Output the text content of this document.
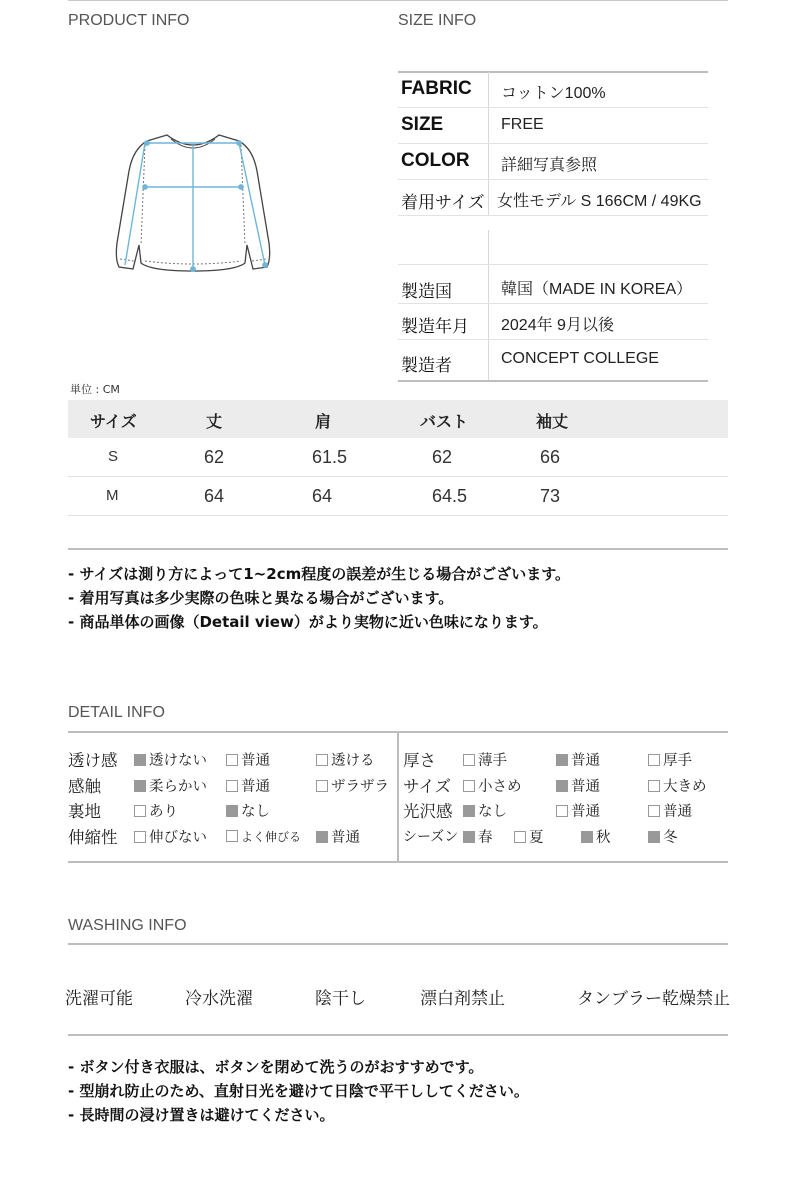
PRODUCT INFO	SIZE INFO
FABRIC コットン100%
SIZE	FREE
COLOR 詳細写真参照
着用サイズ 女性モデル S 166CM / 49KG
製造国	韓国（MADE IN KOREA）
製造年月 2024年 9月以後
製造者	CONCEPT COLLEGE
単位 : CM
サイズ	丈	肩	バスト	袖丈
S	62	61.5	62	66
M	64	64	64.5	73
- サイズは測り方によって1~2cm程度の誤差が生じる場合がございます。
- 着用写真は多少実際の色味と異なる場合がございます。
- 商品単体の画像（Detail view）がより実物に近い色味になります。
DETAIL INFO
透け感	透けない	普通	透ける
感触	柔らかい	普通	ザラザラ
裏地	あり	なし
伸縮性	伸びない	よく伸びる	普通
厚さ	薄手	普通	厚手
サイズ	小さめ	普通	大きめ
光沢感	なし	普通	普通
シーズン	春	夏	秋	冬
WASHING INFO
洗濯可能	冷水洗濯	陰干し	漂白剤禁止	タンブラー乾燥禁止
- ボタン付き衣服は、ボタンを閉めて洗うのがおすすめです。
- 型崩れ防止のため、直射日光を避けて日陰で平干ししてください。
- 長時間の浸け置きは避けてください。
